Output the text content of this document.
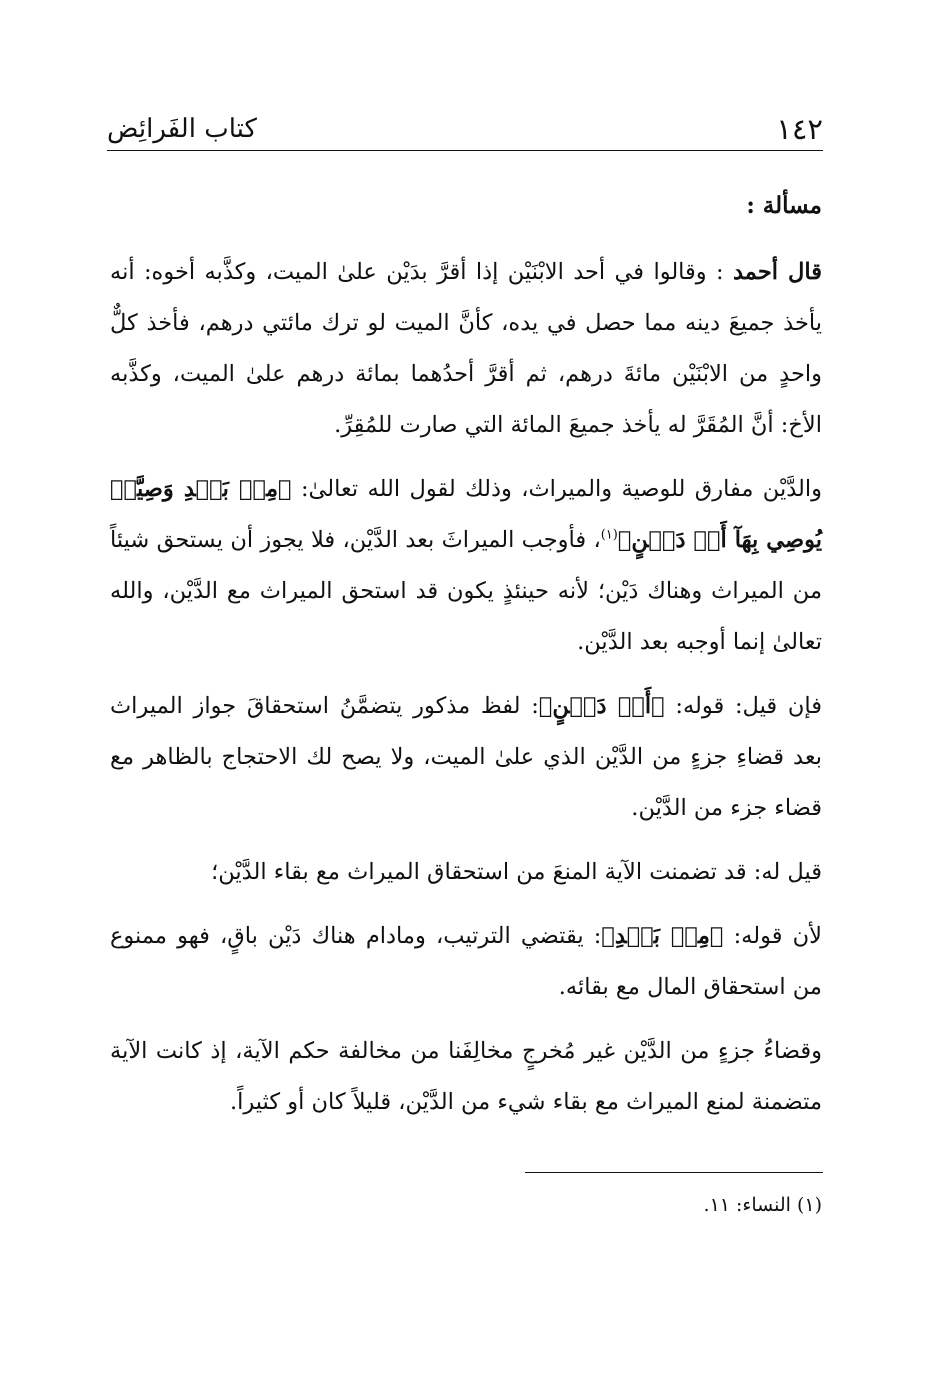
١٤٢
كتاب الفَرائِض

مسألة :

قال أحمد : وقالوا في أحد الابْنَيْن إذا أقرَّ بدَيْن علىٰ الميت، وكذَّبه أخوه: أنه يأخذ جميعَ دينه مما حصل في يده، كأنَّ الميت لو ترك مائتي درهم، فأخذ كلٌّ واحدٍ من الابْنَيْن مائةَ درهم، ثم أقرَّ أحدُهما بمائة درهم علىٰ الميت، وكذَّبه الأخ: أنَّ المُقَرَّ له يأخذ جميعَ المائة التي صارت للمُقِرِّ.

والدَّيْن مفارق للوصية والميراث، وذلك لقول الله تعالىٰ: ﴿مِنۢ بَعۡدِ وَصِيَّةٖ يُوصِي بِهَآ أَوۡ دَيۡنٍ﴾$^{(١)}$، فأوجب الميراثَ بعد الدَّيْن، فلا يجوز أن يستحق شيئاً من الميراث وهناك دَيْن؛ لأنه حينئذٍ يكون قد استحق الميراث مع الدَّيْن، والله تعالىٰ إنما أوجبه بعد الدَّيْن.

فإن قيل: قوله: ﴿أَوۡ دَيۡنٍ﴾: لفظ مذكور يتضمَّنُ استحقاقَ جواز الميراث بعد قضاءِ جزءٍ من الدَّيْن الذي علىٰ الميت، ولا يصح لك الاحتجاج بالظاهر مع قضاء جزء من الدَّيْن.

قيل له: قد تضمنت الآية المنعَ من استحقاق الميراث مع بقاء الدَّيْن؛

لأن قوله: ﴿مِنۢ بَعۡدِ﴾: يقتضي الترتيب، ومادام هناك دَيْن باقٍ، فهو ممنوع من استحقاق المال مع بقائه.

وقضاءُ جزءٍ من الدَّيْن غير مُخرجٍ مخالِفَنا من مخالفة حكم الآية، إذ كانت الآية متضمنة لمنع الميراث مع بقاء شيء من الدَّيْن، قليلاً كان أو كثيراً.

(١) النساء: ١١.
